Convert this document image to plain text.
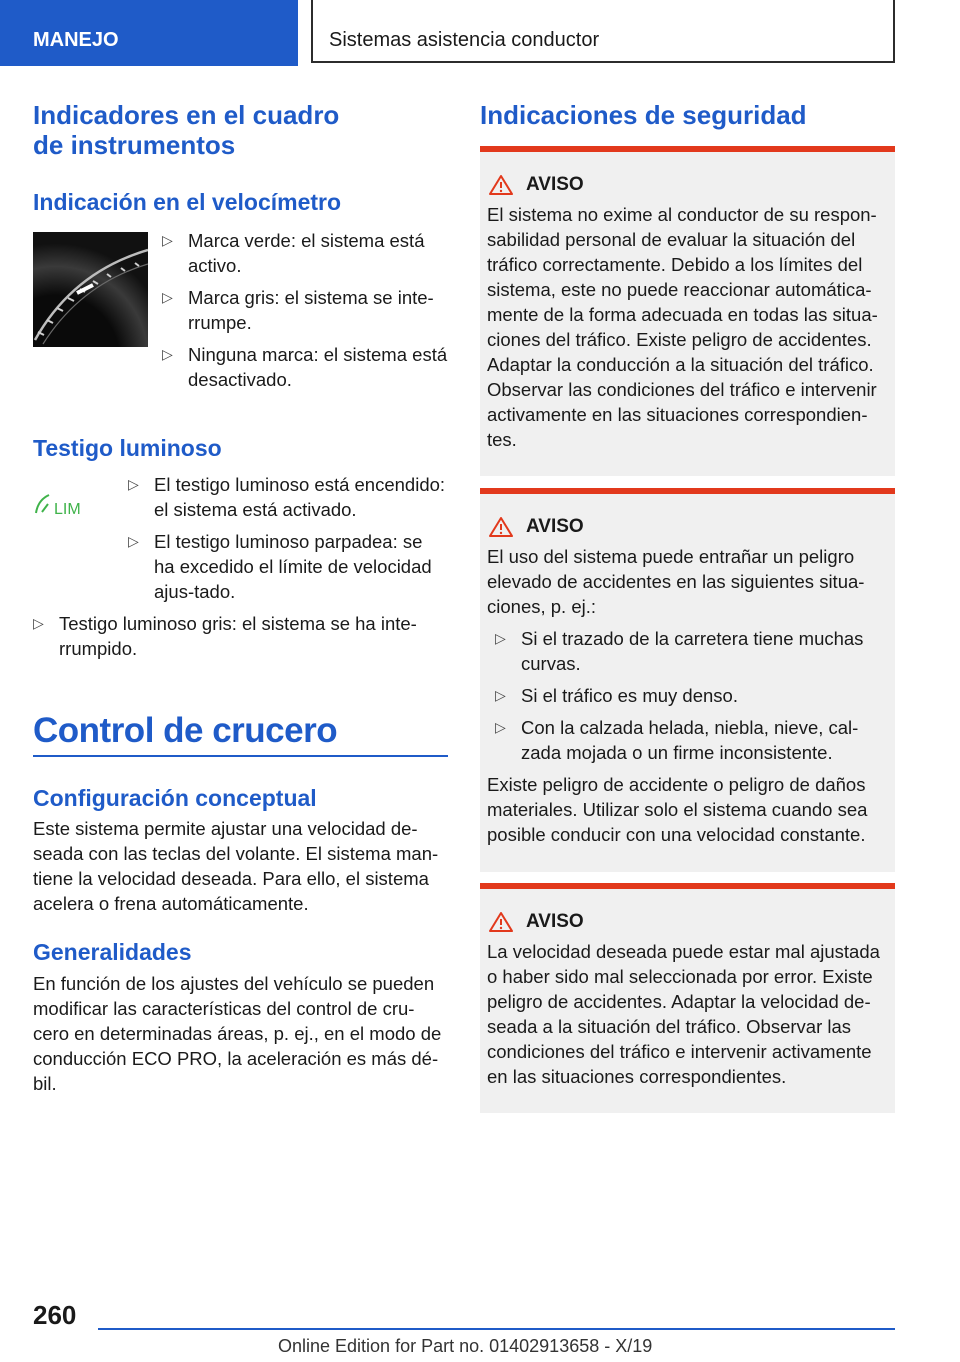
MANEJO	Sistemas asistencia conductor
Indicadores en el cuadro
de instrumentos
Indicación en el velocímetro
▷ Marca verde: el sistema está activo.
▷ Marca gris: el sistema se inte‐rrumpe.
▷ Ninguna marca: el sistema está desactivado.
Testigo luminoso
LIM
▷ El testigo luminoso está encendido: el sistema está activado.
▷ El testigo luminoso parpadea: se ha excedido el límite de velocidad ajus‐tado.
▷ Testigo luminoso gris: el sistema se ha inte‐rrumpido.
Control de crucero
Configuración conceptual

Este sistema permite ajustar una velocidad de‐seada con las teclas del volante. El sistema man‐tiene la velocidad deseada. Para ello, el sistema acelera o frena automáticamente.

Generalidades

En función de los ajustes del vehículo se pueden modificar las características del control de cru‐cero en determinadas áreas, p. ej., en el modo de conducción ECO PRO, la aceleración es más dé‐bil.

Indicaciones de seguridad
AVISO

El sistema no exime al conductor de su respon‐sabilidad personal de evaluar la situación del tráfico correctamente. Debido a los límites del sistema, este no puede reaccionar automática‐mente de la forma adecuada en todas las situa‐ciones del tráfico. Existe peligro de accidentes. Adaptar la conducción a la situación del tráfico. Observar las condiciones del tráfico e intervenir activamente en las situaciones correspondien‐tes.

AVISO

El uso del sistema puede entrañar un peligro elevado de accidentes en las siguientes situa‐ciones, p. ej.:

▷ Si el trazado de la carretera tiene muchas curvas.
▷ Si el tráfico es muy denso.
▷ Con la calzada helada, niebla, nieve, cal‐zada mojada o un firme inconsistente.

Existe peligro de accidente o peligro de daños materiales. Utilizar solo el sistema cuando sea posible conducir con una velocidad constante.

AVISO

La velocidad deseada puede estar mal ajustada o haber sido mal seleccionada por error. Existe peligro de accidentes. Adaptar la velocidad de‐seada a la situación del tráfico. Observar las condiciones del tráfico e intervenir activamente en las situaciones correspondientes.

260
Online Edition for Part no. 01402913658 - X/19
